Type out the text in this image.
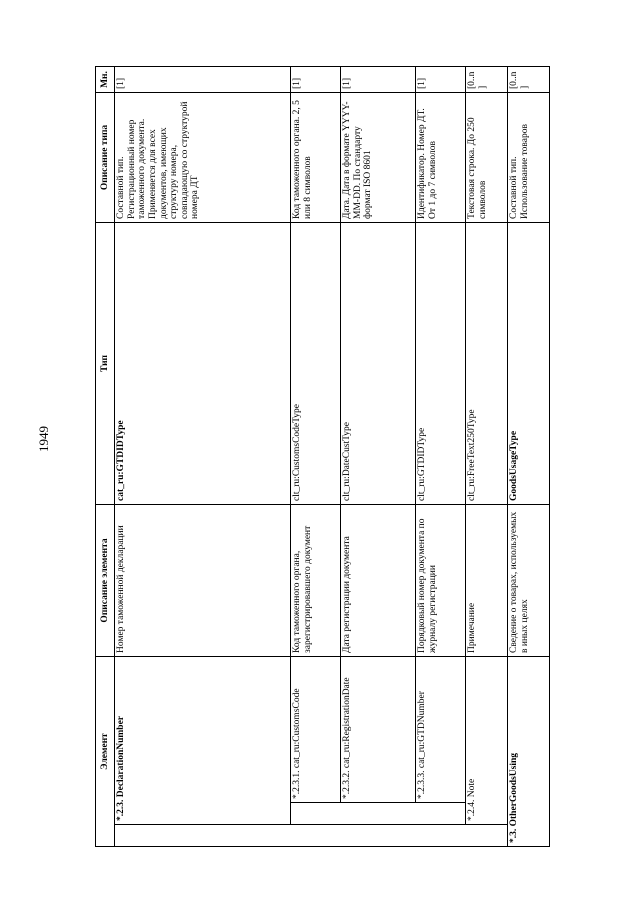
1949
Элемент			Описание элемента	Тип	Описание типа	Мн.
	*.2.3. DeclarationNumber		Номер таможенной декларации	cat_ru:GTDIDType	Составной тип. Регистрационный номер таможенного документа. Применяется для всех документов, имеющих структуру номера, совпадающую со структурой номера ДТ	[1]
		*.2.3.1. cat_ru:CustomsCode	Код таможенного органа, зарегистрировавшего документ	clt_ru:CustomsCodeType	Код таможенного органа. 2, 5 или 8 символов	[1]
		*.2.3.2. cat_ru:RegistrationDate	Дата регистрации документа	clt_ru:DateCustType	Дата. Дата в формате YYYY-MM-DD. По стандарту формат ISO 8601	[1]
		*.2.3.3. cat_ru:GTDNumber	Порядковый номер документа по журналу регистрации	clt_ru:GTDIDType	Идентификатор. Номер ДТ. От 1 до 7 символов	[1]
	*.2.4. Note		Примечание	clt_ru:FreeText250Type	Текстовая строка. До 250 символов	[0..n]
*.3. OtherGoodsUsing			Сведение о товарах, используемых в иных целях	GoodsUsageType	Составной тип. Использование товаров	[0..n]
